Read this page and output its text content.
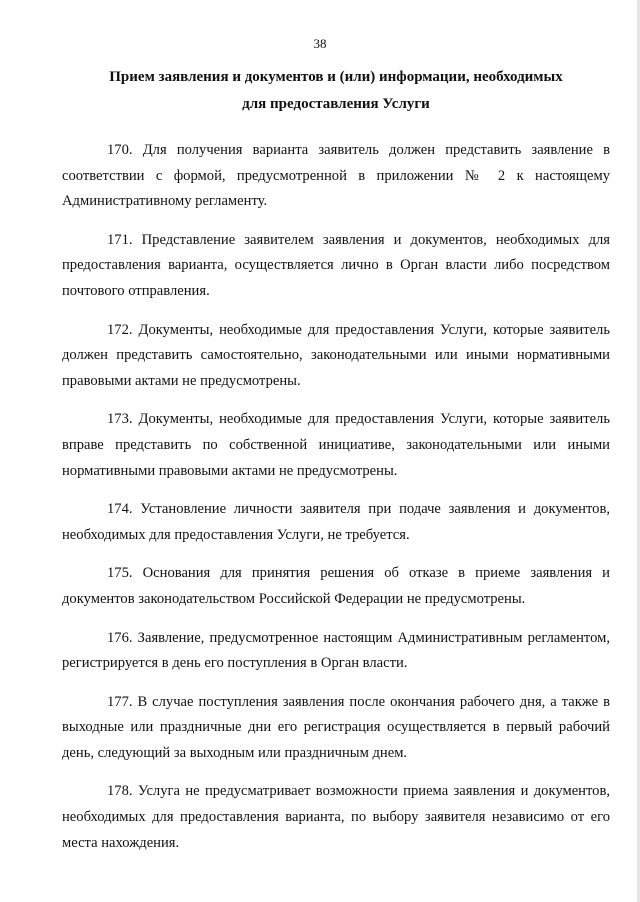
38
Прием заявления и документов и (или) информации, необходимых
для предоставления Услуги

170. Для получения варианта заявитель должен представить заявление в соответствии с формой, предусмотренной в приложении № 2 к настоящему Административному регламенту.

171. Представление заявителем заявления и документов, необходимых для предоставления варианта, осуществляется лично в Орган власти либо посредством почтового отправления.

172. Документы, необходимые для предоставления Услуги, которые заявитель должен представить самостоятельно, законодательными или иными нормативными правовыми актами не предусмотрены.

173. Документы, необходимые для предоставления Услуги, которые заявитель вправе представить по собственной инициативе, законодательными или иными нормативными правовыми актами не предусмотрены.

174. Установление личности заявителя при подаче заявления и документов, необходимых для предоставления Услуги, не требуется.

175. Основания для принятия решения об отказе в приеме заявления и документов законодательством Российской Федерации не предусмотрены.

176. Заявление, предусмотренное настоящим Административным регламентом, регистрируется в день его поступления в Орган власти.

177. В случае поступления заявления после окончания рабочего дня, а также в выходные или праздничные дни его регистрация осуществляется в первый рабочий день, следующий за выходным или праздничным днем.

178. Услуга не предусматривает возможности приема заявления и документов, необходимых для предоставления варианта, по выбору заявителя независимо от его места нахождения.
